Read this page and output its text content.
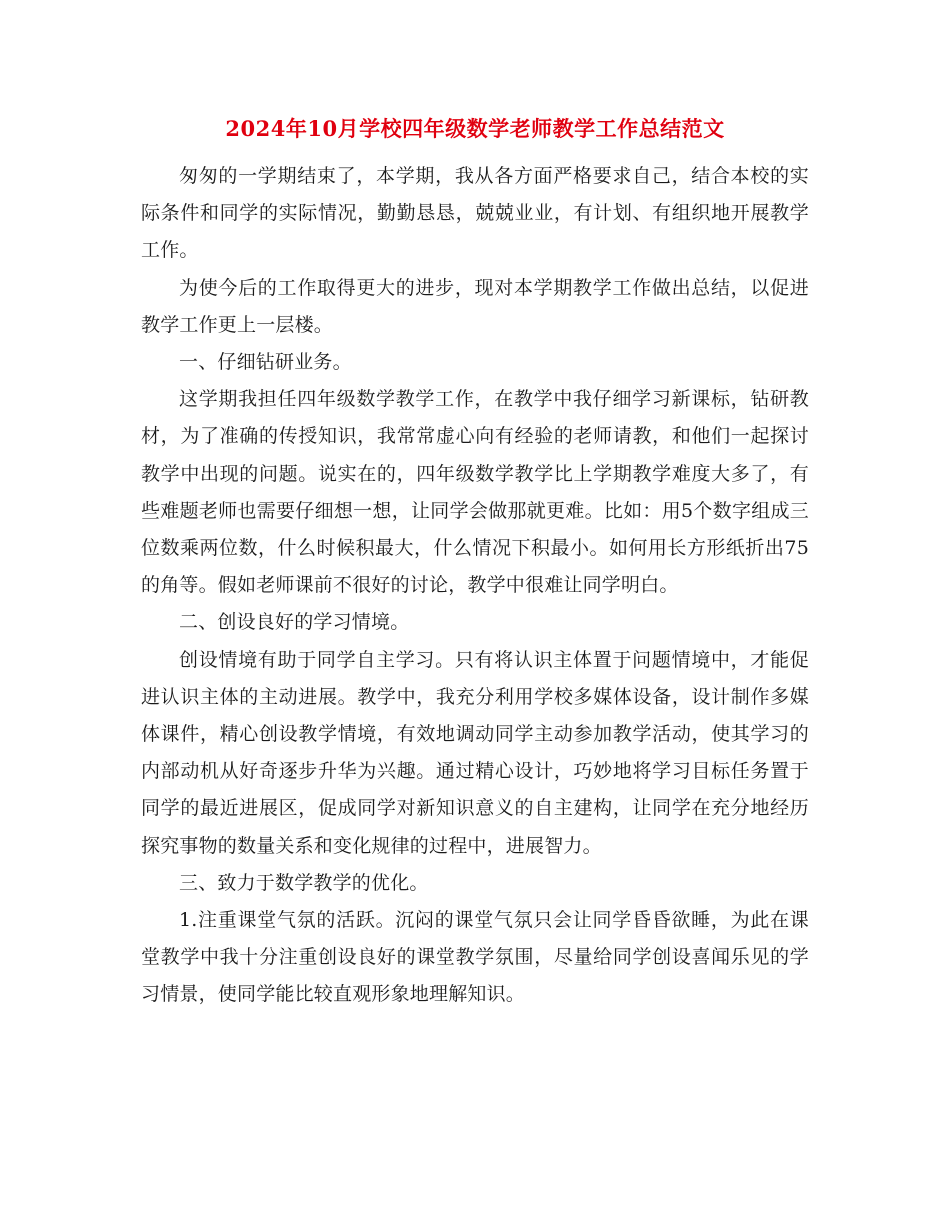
2024年10月学校四年级数学老师教学工作总结范文

匆匆的一学期结束了，本学期，我从各方面严格要求自己，结合本校的实际条件和同学的实际情况，勤勤恳恳，兢兢业业，有计划、有组织地开展教学工作。

为使今后的工作取得更大的进步，现对本学期教学工作做出总结，以促进教学工作更上一层楼。

一、仔细钻研业务。

这学期我担任四年级数学教学工作，在教学中我仔细学习新课标，钻研教材，为了准确的传授知识，我常常虚心向有经验的老师请教，和他们一起探讨教学中出现的问题。说实在的，四年级数学教学比上学期教学难度大多了，有些难题老师也需要仔细想一想，让同学会做那就更难。比如：用5个数字组成三位数乘两位数，什么时候积最大，什么情况下积最小。如何用长方形纸折出75 的角等。假如老师课前不很好的讨论，教学中很难让同学明白。

二、创设良好的学习情境。

创设情境有助于同学自主学习。只有将认识主体置于问题情境中，才能促进认识主体的主动进展。教学中，我充分利用学校多媒体设备，设计制作多媒体课件，精心创设教学情境，有效地调动同学主动参加教学活动，使其学习的内部动机从好奇逐步升华为兴趣。通过精心设计，巧妙地将学习目标任务置于同学的最近进展区，促成同学对新知识意义的自主建构，让同学在充分地经历探究事物的数量关系和变化规律的过程中，进展智力。

三、致力于数学教学的优化。

1.注重课堂气氛的活跃。沉闷的课堂气氛只会让同学昏昏欲睡，为此在课堂教学中我十分注重创设良好的课堂教学氛围，尽量给同学创设喜闻乐见的学习情景，使同学能比较直观形象地理解知识。
